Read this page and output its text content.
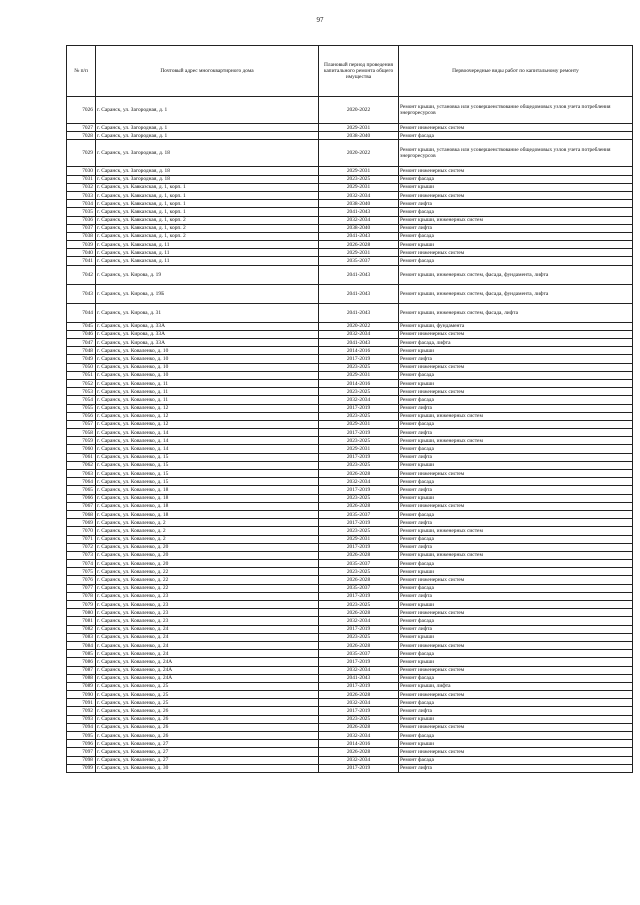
97
№ п/п	Почтовый адрес многоквартирного дома	Плановый период проведения капитального ремонта общего имущества	Первоочередные виды работ по капитальному ремонту
7026	г. Саранск, ул. Загородная, д. 1	2020-2022	Ремонт крыши, установка или усовершенствование общедомовых узлов учета потребления энергоресурсов
7027	г. Саранск, ул. Загородная, д. 1	2029-2031	Ремонт инженерных систем
7028	г. Саранск, ул. Загородная, д. 1	2038-2040	Ремонт фасада
7029	г. Саранск, ул. Загородная, д. 18	2020-2022	Ремонт крыши, установка или усовершенствование общедомовых узлов учета потребления энергоресурсов
7030	г. Саранск, ул. Загородная, д. 18	2029-2031	Ремонт инженерных систем
7031	г. Саранск, ул. Загородная, д. 18	2023-2025	Ремонт фасада
7032	г. Саранск, ул. Кавказская, д. 1, корп. 1	2029-2031	Ремонт крыши
7033	г. Саранск, ул. Кавказская, д. 1, корп. 1	2032-2034	Ремонт инженерных систем
7034	г. Саранск, ул. Кавказская, д. 1, корп. 1	2038-2040	Ремонт лифта
7035	г. Саранск, ул. Кавказская, д. 1, корп. 1	2041-2043	Ремонт фасада
7036	г. Саранск, ул. Кавказская, д. 1, корп. 2	2032-2034	Ремонт крыши, инженерных систем
7037	г. Саранск, ул. Кавказская, д. 1, корп. 2	2038-2040	Ремонт лифта
7038	г. Саранск, ул. Кавказская, д. 1, корп. 2	2041-2043	Ремонт фасада
7039	г. Саранск, ул. Кавказская, д. 11	2026-2028	Ремонт крыши
7040	г. Саранск, ул. Кавказская, д. 11	2029-2031	Ремонт инженерных систем
7041	г. Саранск, ул. Кавказская, д. 11	2035-2037	Ремонт фасада
7042	г. Саранск, ул. Кирова, д. 19	2041-2043	Ремонт крыши, инженерных систем, фасада, фундамента, лифта
7043	г. Саранск, ул. Кирова, д. 19Б	2041-2043	Ремонт крыши, инженерных систем, фасада, фундамента, лифта
7044	г. Саранск, ул. Кирова, д. 31	2041-2043	Ремонт крыши, инженерных систем, фасада, лифта
7045	г. Саранск, ул. Кирова, д. 33А	2020-2022	Ремонт крыши, фундамента
7046	г. Саранск, ул. Кирова, д. 33А	2032-2034	Ремонт инженерных систем
7047	г. Саранск, ул. Кирова, д. 33А	2041-2043	Ремонт фасада, лифта
7048	г. Саранск, ул. Коваленко, д. 10	2014-2016	Ремонт крыши
7049	г. Саранск, ул. Коваленко, д. 10	2017-2019	Ремонт лифта
7050	г. Саранск, ул. Коваленко, д. 10	2023-2025	Ремонт инженерных систем
7051	г. Саранск, ул. Коваленко, д. 10	2029-2031	Ремонт фасада
7052	г. Саранск, ул. Коваленко, д. 11	2014-2016	Ремонт крыши
7053	г. Саранск, ул. Коваленко, д. 11	2023-2025	Ремонт инженерных систем
7054	г. Саранск, ул. Коваленко, д. 11	2032-2034	Ремонт фасада
7055	г. Саранск, ул. Коваленко, д. 12	2017-2019	Ремонт лифта
7056	г. Саранск, ул. Коваленко, д. 12	2023-2025	Ремонт крыши, инженерных систем
7057	г. Саранск, ул. Коваленко, д. 12	2029-2031	Ремонт фасада
7058	г. Саранск, ул. Коваленко, д. 14	2017-2019	Ремонт лифта
7059	г. Саранск, ул. Коваленко, д. 14	2023-2025	Ремонт крыши, инженерных систем
7060	г. Саранск, ул. Коваленко, д. 14	2029-2031	Ремонт фасада
7061	г. Саранск, ул. Коваленко, д. 15	2017-2019	Ремонт лифта
7062	г. Саранск, ул. Коваленко, д. 15	2023-2025	Ремонт крыши
7063	г. Саранск, ул. Коваленко, д. 15	2026-2028	Ремонт инженерных систем
7064	г. Саранск, ул. Коваленко, д. 15	2032-2034	Ремонт фасада
7065	г. Саранск, ул. Коваленко, д. 18	2017-2019	Ремонт лифта
7066	г. Саранск, ул. Коваленко, д. 18	2023-2025	Ремонт крыши
7067	г. Саранск, ул. Коваленко, д. 18	2026-2028	Ремонт инженерных систем
7068	г. Саранск, ул. Коваленко, д. 18	2035-2037	Ремонт фасада
7069	г. Саранск, ул. Коваленко, д. 2	2017-2019	Ремонт лифта
7070	г. Саранск, ул. Коваленко, д. 2	2023-2025	Ремонт крыши, инженерных систем
7071	г. Саранск, ул. Коваленко, д. 2	2029-2031	Ремонт фасада
7072	г. Саранск, ул. Коваленко, д. 20	2017-2019	Ремонт лифта
7073	г. Саранск, ул. Коваленко, д. 20	2026-2028	Ремонт крыши, инженерных систем
7074	г. Саранск, ул. Коваленко, д. 20	2035-2037	Ремонт фасада
7075	г. Саранск, ул. Коваленко, д. 22	2023-2025	Ремонт крыши
7076	г. Саранск, ул. Коваленко, д. 22	2026-2028	Ремонт инженерных систем
7077	г. Саранск, ул. Коваленко, д. 22	2035-2037	Ремонт фасада
7078	г. Саранск, ул. Коваленко, д. 23	2017-2019	Ремонт лифта
7079	г. Саранск, ул. Коваленко, д. 23	2023-2025	Ремонт крыши
7080	г. Саранск, ул. Коваленко, д. 23	2026-2028	Ремонт инженерных систем
7081	г. Саранск, ул. Коваленко, д. 23	2032-2034	Ремонт фасада
7082	г. Саранск, ул. Коваленко, д. 24	2017-2019	Ремонт лифта
7083	г. Саранск, ул. Коваленко, д. 24	2023-2025	Ремонт крыши
7084	г. Саранск, ул. Коваленко, д. 24	2026-2028	Ремонт инженерных систем
7085	г. Саранск, ул. Коваленко, д. 24	2035-2037	Ремонт фасада
7086	г. Саранск, ул. Коваленко, д. 24А	2017-2019	Ремонт крыши
7087	г. Саранск, ул. Коваленко, д. 24А	2032-2034	Ремонт инженерных систем
7088	г. Саранск, ул. Коваленко, д. 24А	2041-2043	Ремонт фасада
7089	г. Саранск, ул. Коваленко, д. 25	2017-2019	Ремонт крыши, лифта
7090	г. Саранск, ул. Коваленко, д. 25	2026-2028	Ремонт инженерных систем
7091	г. Саранск, ул. Коваленко, д. 25	2032-2034	Ремонт фасада
7092	г. Саранск, ул. Коваленко, д. 26	2017-2019	Ремонт лифта
7093	г. Саранск, ул. Коваленко, д. 26	2023-2025	Ремонт крыши
7094	г. Саранск, ул. Коваленко, д. 26	2026-2028	Ремонт инженерных систем
7095	г. Саранск, ул. Коваленко, д. 26	2032-2034	Ремонт фасада
7096	г. Саранск, ул. Коваленко, д. 27	2014-2016	Ремонт крыши
7097	г. Саранск, ул. Коваленко, д. 27	2026-2028	Ремонт инженерных систем
7098	г. Саранск, ул. Коваленко, д. 27	2032-2034	Ремонт фасада
7099	г. Саранск, ул. Коваленко, д. 30	2017-2019	Ремонт лифта
